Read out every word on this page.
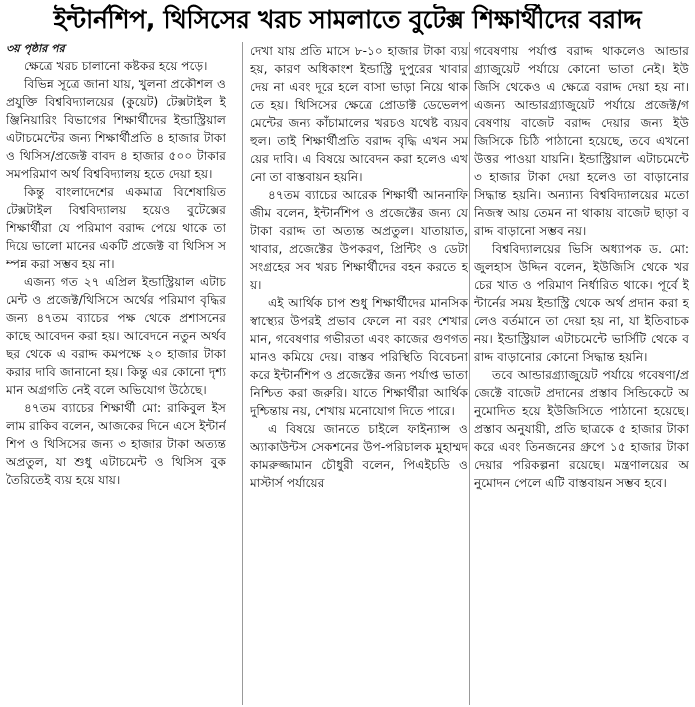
ইন্টার্নশিপ, থিসিসের খরচ সামলাতে বুটেক্স শিক্ষার্থীদের বরাদ্দ
৩য় পৃষ্ঠার পর

ক্ষেত্রে খরচ চালানো কষ্টকর হয়ে পড়ে।

বিভিন্ন সূত্রে জানা যায়, খুলনা প্রকৌশল ও প্রযুক্তি বিশ্ববিদ্যালয়ের (কুয়েট) টেক্সটাইল ইঞ্জিনিয়ারিং বিভাগের শিক্ষার্থীদের ইন্ডাস্ট্রিয়াল এটাচমেন্টের জন্য শিক্ষার্থীপ্রতি ৪ হাজার টাকা ও থিসিস/প্রজেক্ট বাবদ ৪ হাজার ৫০০ টাকার সমপরিমাণ অর্থ বিশ্ববিদ্যালয় হতে দেয়া হয়।

কিন্তু বাংলাদেশের একমাত্র বিশেষায়িত টেক্সটাইল বিশ্ববিদ্যালয় হয়েও বুটেক্সের শিক্ষার্থীরা যে পরিমাণ বরাদ্দ পেয়ে থাকে তা দিয়ে ভালো মানের একটি প্রজেক্ট বা থিসিস সম্পন্ন করা সম্ভব হয় না।

এজন্য গত ২৭ এপ্রিল ইন্ডাস্ট্রিয়াল এটাচমেন্ট ও প্রজেক্ট/থিসিসে অর্থের পরিমাণ বৃদ্ধির জন্য ৪৭তম ব্যাচের পক্ষ থেকে প্রশাসনের কাছে আবেদন করা হয়। আবেদনে নতুন অর্থবছর থেকে এ বরাদ্দ কমপক্ষে ২০ হাজার টাকা করার দাবি জানানো হয়। কিন্তু এর কোনো দৃশ্যমান অগ্রগতি নেই বলে অভিযোগ উঠেছে।

৪৭তম ব্যাচের শিক্ষার্থী মো: রাকিবুল ইসলাম রাকিব বলেন, আজকের দিনে এসে ইন্টার্নশিপ ও থিসিসের জন্য ৩ হাজার টাকা অত্যন্ত অপ্রতুল, যা শুধু এটাচমেন্ট ও থিসিস বুক তৈরিতেই ব্যয় হয়ে যায়।

দেখা যায় প্রতি মাসে ৮-১০ হাজার টাকা ব্যয় হয়, কারণ অধিকাংশ ইন্ডাস্ট্রি দুপুরের খাবার দেয় না এবং দূরে হলে বাসা ভাড়া নিয়ে থাকতে হয়। থিসিসের ক্ষেত্রে প্রোডাক্ট ডেভেলপমেন্টের জন্য কাঁচামালের খরচও যথেষ্ট ব্যয়বহুল। তাই শিক্ষার্থীপ্রতি বরাদ্দ বৃদ্ধি এখন সময়ের দাবি। এ বিষয়ে আবেদন করা হলেও এখনো তা বাস্তবায়ন হয়নি।

৪৭তম ব্যাচের আরেক শিক্ষার্থী আননাফি জীম বলেন, ইন্টার্নশিপ ও প্রজেক্টের জন্য যে টাকা বরাদ্দ তা অত্যন্ত অপ্রতুল। যাতায়াত, খাবার, প্রজেক্টের উপকরণ, প্রিন্টিং ও ডেটা সংগ্রহের সব খরচ শিক্ষার্থীদের বহন করতে হয়।

এই আর্থিক চাপ শুধু শিক্ষার্থীদের মানসিক স্বাস্থ্যের উপরই প্রভাব ফেলে না বরং শেখার মান, গবেষণার গভীরতা এবং কাজের গুণগত মানও কমিয়ে দেয়। বাস্তব পরিস্থিতি বিবেচনা করে ইন্টার্নশিপ ও প্রজেক্টের জন্য পর্যাপ্ত ভাতা নিশ্চিত করা জরুরি। যাতে শিক্ষার্থীরা আর্থিক দুশ্চিন্তায় নয়, শেখায় মনোযোগ দিতে পারে।

এ বিষয়ে জানতে চাইলে ফাইন্যান্স ও অ্যাকাউন্টস সেকশনের উপ-পরিচালক মুহাম্মদ কামরুজ্জামান চৌধুরী বলেন, পিএইচডি ও মাস্টার্স পর্যায়ের

গবেষণায় পর্যাপ্ত বরাদ্দ থাকলেও আন্ডারগ্র্যাজুয়েট পর্যায়ে কোনো ভাতা নেই। ইউজিসি থেকেও এ ক্ষেত্রে বরাদ্দ দেয়া হয় না। এজন্য আন্ডারগ্র্যাজুয়েট পর্যায়ে প্রজেক্ট/গবেষণায় বাজেট বরাদ্দ দেয়ার জন্য ইউজিসিকে চিঠি পাঠানো হয়েছে, তবে এখনো উত্তর পাওয়া যায়নি। ইন্ডাস্ট্রিয়াল এটাচমেন্টে ৩ হাজার টাকা দেয়া হলেও তা বাড়ানোর সিদ্ধান্ত হয়নি। অন্যান্য বিশ্ববিদ্যালয়ের মতো নিজস্ব আয় তেমন না থাকায় বাজেট ছাড়া বরাদ্দ বাড়ানো সম্ভব নয়।

বিশ্ববিদ্যালয়ের ভিসি অধ্যাপক ড. মো: জুলহাস উদ্দিন বলেন, ইউজিসি থেকে খরচের খাত ও পরিমাণ নির্ধারিত থাকে। পূর্বে ইন্টার্নের সময় ইন্ডাস্ট্রি থেকে অর্থ প্রদান করা হলেও বর্তমানে তা দেয়া হয় না, যা ইতিবাচক নয়। ইন্ডাস্ট্রিয়াল এটাচমেন্টে ভার্সিটি থেকে বরাদ্দ বাড়ানোর কোনো সিদ্ধান্ত হয়নি।

তবে আন্ডারগ্র্যাজুয়েট পর্যায়ে গবেষণা/প্রজেক্টে বাজেট প্রদানের প্রস্তাব সিন্ডিকেটে অনুমোদিত হয়ে ইউজিসিতে পাঠানো হয়েছে। প্রস্তাব অনুযায়ী, প্রতি ছাত্রকে ৫ হাজার টাকা করে এবং তিনজনের গ্রুপে ১৫ হাজার টাকা দেয়ার পরিকল্পনা রয়েছে। মন্ত্রণালয়ের অনুমোদন পেলে এটি বাস্তবায়ন সম্ভব হবে।
